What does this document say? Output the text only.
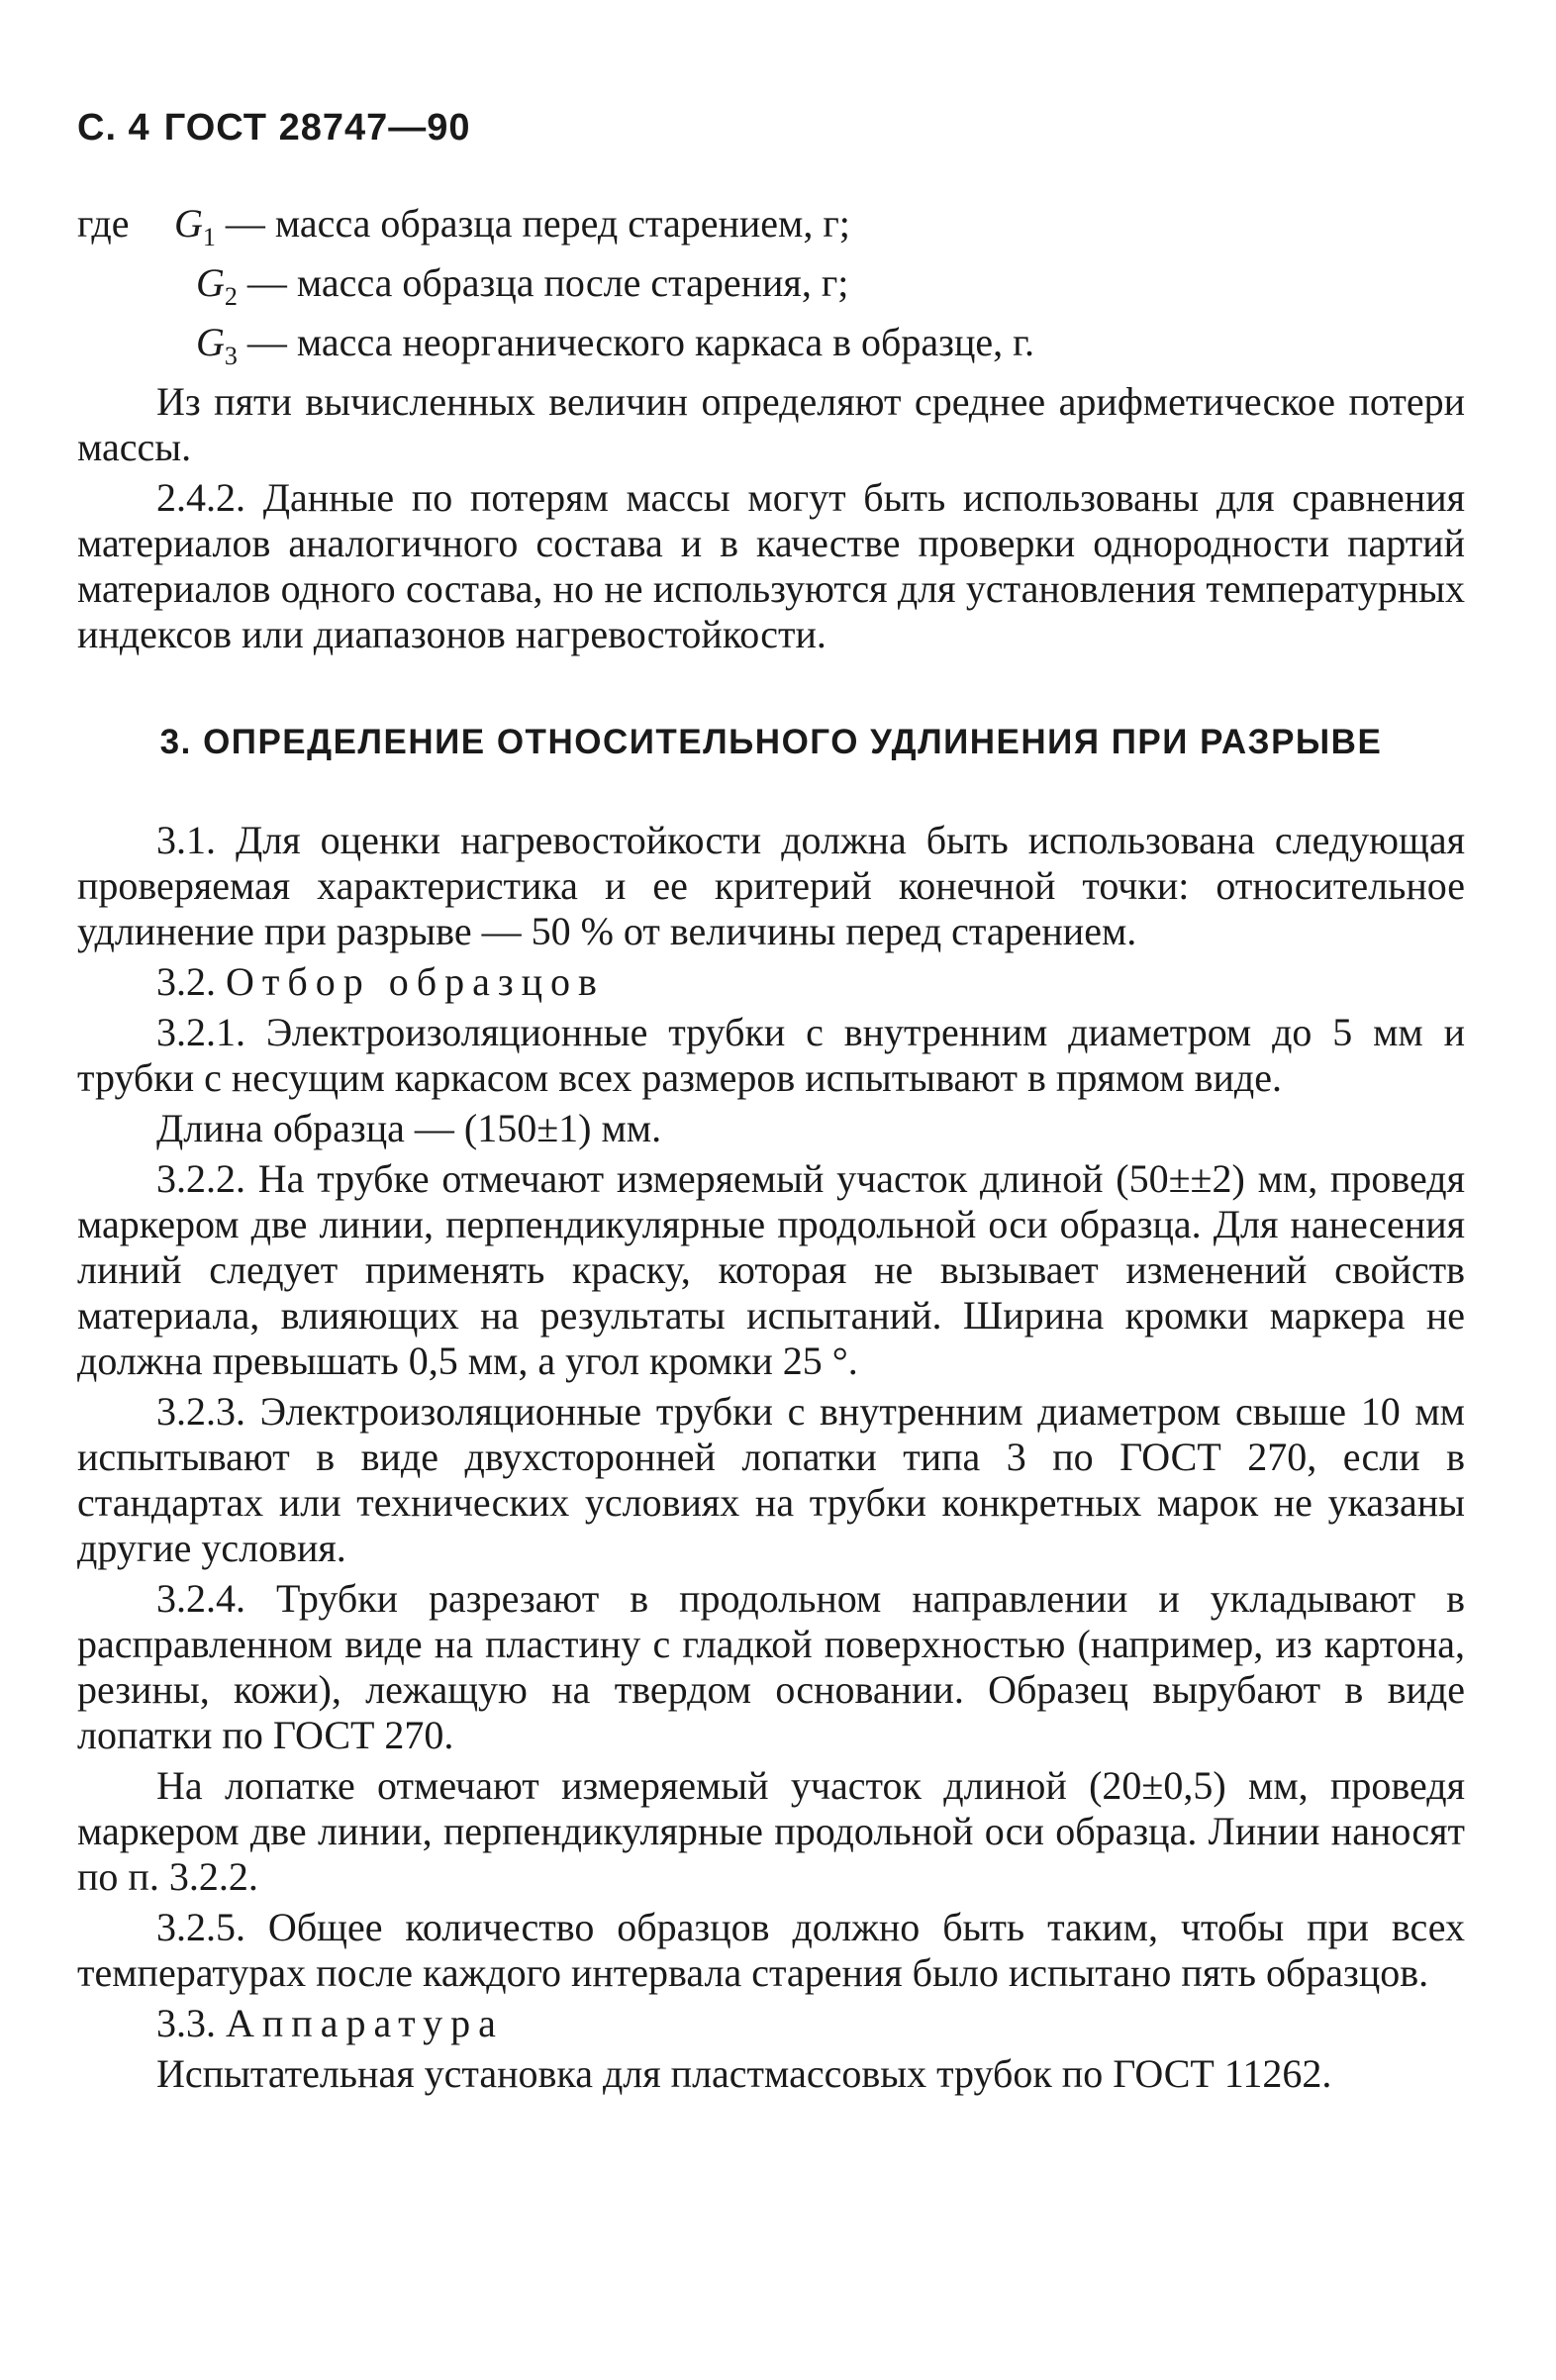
С. 4 ГОСТ 28747—90
где $G_1$ — масса образца перед старением, г;
$G_2$ — масса образца после старения, г;
$G_3$ — масса неорганического каркаса в образце, г.

Из пяти вычисленных величин определяют среднее арифметическое потери массы.

2.4.2. Данные по потерям массы могут быть использованы для сравнения материалов аналогичного состава и в качестве проверки однородности партий материалов одного состава, но не используются для установления температурных индексов или диапазонов нагревостойкости.

3. ОПРЕДЕЛЕНИЕ ОТНОСИТЕЛЬНОГО УДЛИНЕНИЯ ПРИ РАЗРЫВЕ

3.1. Для оценки нагревостойкости должна быть использована следующая проверяемая характеристика и ее критерий конечной точки: относительное удлинение при разрыве — 50 % от величины перед старением.

3.2. Отбор образцов

3.2.1. Электроизоляционные трубки с внутренним диаметром до 5 мм и трубки с несущим каркасом всех размеров испытывают в прямом виде.

Длина образца — (150±1) мм.

3.2.2. На трубке отмечают измеряемый участок длиной (50±±2) мм, проведя маркером две линии, перпендикулярные продольной оси образца. Для нанесения линий следует применять краску, которая не вызывает изменений свойств материала, влияющих на результаты испытаний. Ширина кромки маркера не должна превышать 0,5 мм, а угол кромки 25 °.

3.2.3. Электроизоляционные трубки с внутренним диаметром свыше 10 мм испытывают в виде двухсторонней лопатки типа 3 по ГОСТ 270, если в стандартах или технических условиях на трубки конкретных марок не указаны другие условия.

3.2.4. Трубки разрезают в продольном направлении и укладывают в расправленном виде на пластину с гладкой поверхностью (например, из картона, резины, кожи), лежащую на твердом основании. Образец вырубают в виде лопатки по ГОСТ 270.

На лопатке отмечают измеряемый участок длиной (20±0,5) мм, проведя маркером две линии, перпендикулярные продольной оси образца. Линии наносят по п. 3.2.2.

3.2.5. Общее количество образцов должно быть таким, чтобы при всех температурах после каждого интервала старения было испытано пять образцов.

3.3. Аппаратура

Испытательная установка для пластмассовых трубок по ГОСТ 11262.
